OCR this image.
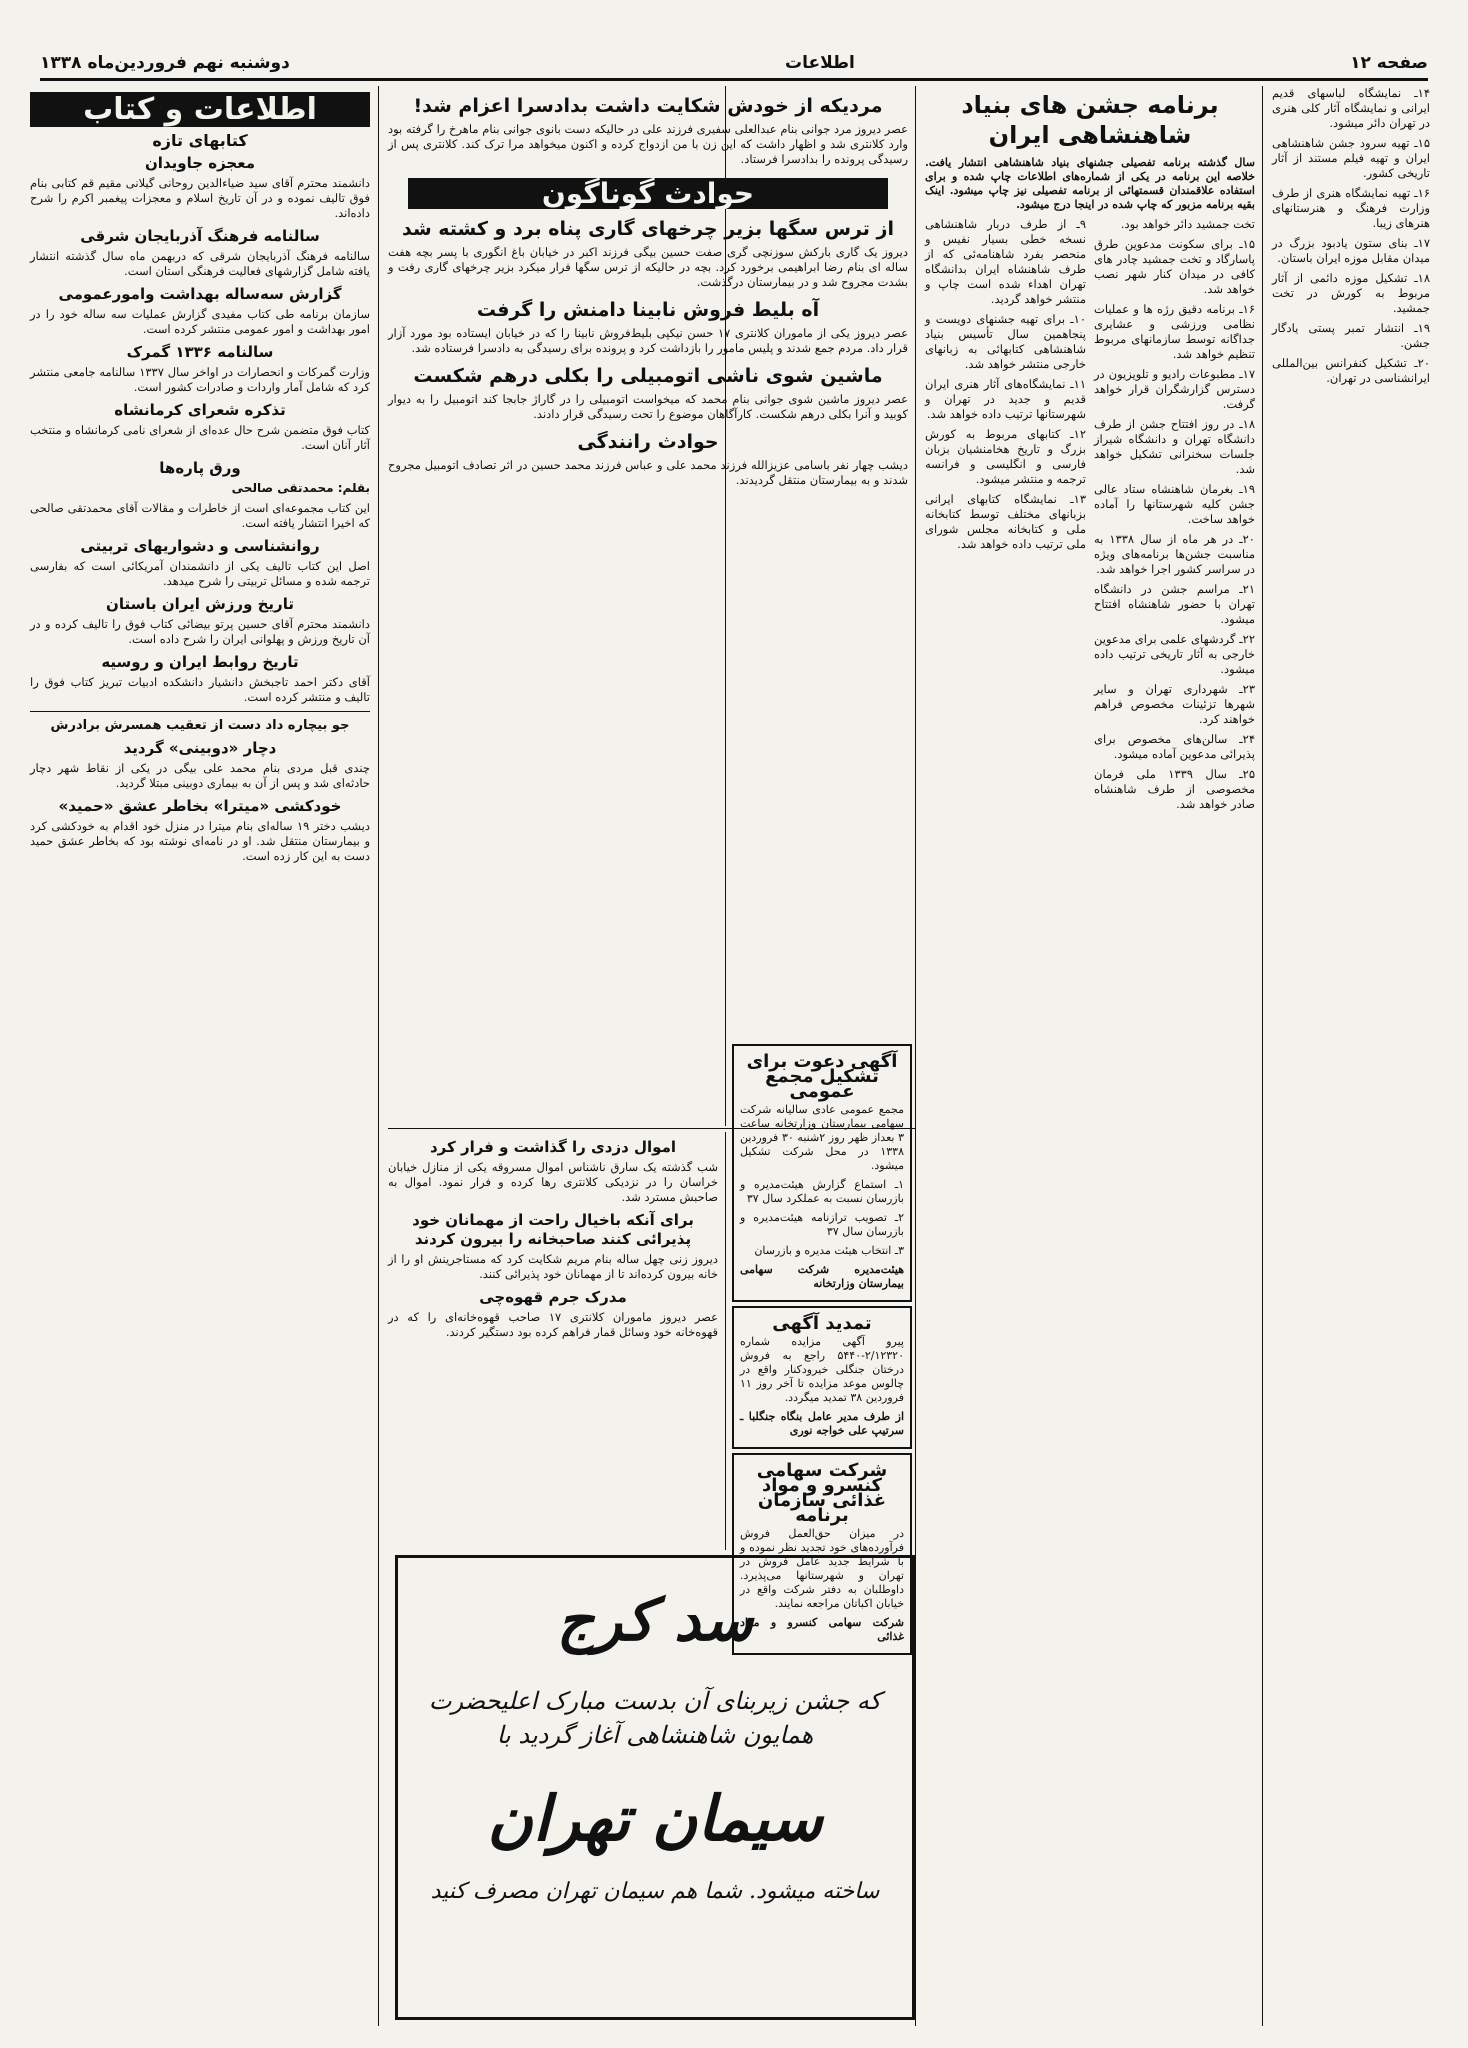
صفحه ۱۲
اطلاعات
دوشنبه نهم فروردین‌ماه ۱۳۳۸

۱۴ـ نمایشگاه لباسهای قدیم ایرانی و نمایشگاه آثار کلی هنری در تهران دائر میشود.

۱۵ـ تهیه سرود جشن شاهنشاهی ایران و تهیه فیلم مستند از آثار تاریخی کشور.

۱۶ـ تهیه نمایشگاه هنری از طرف وزارت فرهنگ و هنرستانهای هنرهای زیبا.

۱۷ـ بنای ستون یادبود بزرگ در میدان مقابل موزه ایران باستان.

۱۸ـ تشکیل موزه دائمی از آثار مربوط به کورش در تخت جمشید.

۱۹ـ انتشار تمبر پستی یادگار جشن.

۲۰ـ تشکیل کنفرانس بین‌المللی ایرانشناسی در تهران.

برنامه جشن های بنیاد شاهنشاهی ایران

سال گذشته برنامه تفصیلی جشنهای بنیاد شاهنشاهی انتشار یافت. خلاصه این برنامه در یکی از شماره‌های اطلاعات چاپ شده و برای استفاده علاقمندان قسمتهائی از برنامه تفصیلی نیز چاپ میشود. اینک بقیه برنامه مزبور که چاپ شده در اینجا درج میشود.

تخت جمشید دائر خواهد بود.

۱۵ـ برای سکونت مدعوین طرق پاسارگاد و تخت جمشید چادر های کافی در میدان کنار شهر نصب خواهد شد.

۱۶ـ برنامه دقیق رژه ها و عملیات نظامی ورزشی و عشایری جداگانه توسط سازمانهای مربوط تنظیم خواهد شد.

۱۷ـ مطبوعات رادیو و تلویزیون در دسترس گزارشگران قرار خواهد گرفت.

۱۸ـ در روز افتتاح جشن از طرف دانشگاه تهران و دانشگاه شیراز جلسات سخنرانی تشکیل خواهد شد.

۱۹ـ بغرمان شاهنشاه ستاد عالی جشن کلیه شهرستانها را آماده خواهد ساخت.

۲۰ـ در هر ماه از سال ۱۳۳۸ به مناسبت جشن‌ها برنامه‌های ویژه در سراسر کشور اجرا خواهد شد.

۲۱ـ مراسم جشن در دانشگاه تهران با حضور شاهنشاه افتتاح میشود.

۲۲ـ گردشهای علمی برای مدعوین خارجی به آثار تاریخی ترتیب داده میشود.

۲۳ـ شهرداری تهران و سایر شهرها تزئینات مخصوص فراهم خواهند کرد.

۲۴ـ سالن‌های مخصوص برای پذیرائی مدعوین آماده میشود.

۲۵ـ سال ۱۳۳۹ ملی فرمان مخصوصی از طرف شاهنشاه صادر خواهد شد.

۹ـ از طرف دربار شاهنشاهی نسخه خطی بسیار نفیس و منحصر بفرد شاهنامه‌ئی که از طرف شاهنشاه ایران بدانشگاه تهران اهداء شده است چاپ و منتشر خواهد گردید.

۱۰ـ برای تهیه جشنهای دویست و پنجاهمین سال تأسیس بنیاد شاهنشاهی کتابهائی به زبانهای خارجی منتشر خواهد شد.

۱۱ـ نمایشگاه‌های آثار هنری ایران قدیم و جدید در تهران و شهرستانها ترتیب داده خواهد شد.

۱۲ـ کتابهای مربوط به کورش بزرگ و تاریخ هخامنشیان بزبان فارسی و انگلیسی و فرانسه ترجمه و منتشر میشود.

۱۳ـ نمایشگاه کتابهای ایرانی بزبانهای مختلف توسط کتابخانه ملی و کتابخانه مجلس شورای ملی ترتیب داده خواهد شد.

مردیکه از خودش شکایت داشت بدادسرا اعزام شد!

عصر دیروز مرد جوانی بنام عبدالعلی سفیری فرزند علی در حالیکه دست بانوی جوانی بنام ماهرخ را گرفته بود وارد کلانتری شد و اظهار داشت که این زن با من ازدواج کرده و اکنون میخواهد مرا ترک کند. کلانتری پس از رسیدگی پرونده را بدادسرا فرستاد.

حوادث گوناگون
از ترس سگها بزیر چرخهای گاری پناه برد و کشته شد

دیروز یک گاری بارکش سوزنچی گری صفت حسین بیگی فرزند اکبر در خیابان باغ انگوری با پسر بچه هفت ساله ای بنام رضا ابراهیمی برخورد کرد. بچه در حالیکه از ترس سگها فرار میکرد بزیر چرخهای گاری رفت و بشدت مجروح شد و در بیمارستان درگذشت.

آه بلیط فروش نابینا دامنش را گرفت

عصر دیروز یکی از ماموران کلانتری ۱۷ حسن نیکپی بلیط‌فروش نابینا را که در خیابان ایستاده بود مورد آزار قرار داد. مردم جمع شدند و پلیس مامور را بازداشت کرد و پرونده برای رسیدگی به دادسرا فرستاده شد.

ماشین شوی ناشی اتومبیلی را بکلی درهم شکست

عصر دیروز ماشین شوی جوانی بنام محمد که میخواست اتومبیلی را در گاراژ جابجا کند اتومبیل را به دیوار کوبید و آنرا بکلی درهم شکست. کارآگاهان موضوع را تحت رسیدگی قرار دادند.

حوادث رانندگی

دیشب چهار نفر باسامی عزیزالله فرزند محمد علی و عباس فرزند محمد حسین در اثر تصادف اتومبیل مجروح شدند و به بیمارستان منتقل گردیدند.

اموال دزدی را گذاشت و فرار کرد

شب گذشته یک سارق ناشناس اموال مسروقه یکی از منازل خیابان خراسان را در نزدیکی کلانتری رها کرده و فرار نمود. اموال به صاحبش مسترد شد.

برای آنکه باخیال راحت از مهمانان خود پذیرائی کنند صاحبخانه را بیرون کردند

دیروز زنی چهل ساله بنام مریم شکایت کرد که مستاجرینش او را از خانه بیرون کرده‌اند تا از مهمانان خود پذیرائی کنند.

مدرک جرم قهوه‌چی

عصر دیروز ماموران کلانتری ۱۷ صاحب قهوه‌خانه‌ای را که در قهوه‌خانه خود وسائل قمار فراهم کرده بود دستگیر کردند.

آگهی دعوت برای تشکیل مجمع عمومی

مجمع عمومی عادی سالیانه شرکت سهامی بیمارستان وزارتخانه ساعت ۳ بعداز ظهر روز ۲شنبه ۳۰ فروردین ۱۳۳۸ در محل شرکت تشکیل میشود.

۱ـ استماع گزارش هیئت‌مدیره و بازرسان نسبت به عملکرد سال ۳۷

۲ـ تصویب ترازنامه هیئت‌مدیره و بازرسان سال ۳۷

۳ـ انتخاب هیئت مدیره و بازرسان

هیئت‌مدیره شرکت سهامی بیمارستان وزارتخانه

تمدید آگهی

پیرو آگهی مزایده شماره ۲/۱۲۳۲۰-۵۴۴۰ راجع به فروش درختان جنگلی خیرودکنار واقع در چالوس موعد مزایده تا آخر روز ۱۱ فروردین ۳۸ تمدید میگردد.

از طرف مدیر عامل بنگاه جنگلبا ـ سرتیپ علی خواجه نوری

شرکت سهامی کنسرو و مواد غذائی سازمان برنامه

در میزان حق‌العمل فروش فرآورده‌های خود تجدید نظر نموده و با شرایط جدید عامل فروش در تهران و شهرستانها می‌پذیرد. داوطلبان به دفتر شرکت واقع در خیابان اکباتان مراجعه نمایند.

شرکت سهامی کنسرو و مواد غذائی

اطلاعات و کتاب
کتابهای تازه
معجزه جاویدان

دانشمند محترم آقای سید ضیاءالدین روحانی گیلانی مقیم قم کتابی بنام فوق تالیف نموده و در آن تاریخ اسلام و معجزات پیغمبر اکرم را شرح داده‌اند.

سالنامه فرهنگ آذربایجان شرقی

سالنامه فرهنگ آذربایجان شرقی که دربهمن ماه سال گذشته انتشار یافته شامل گزارشهای فعالیت فرهنگی استان است.

گزارش سه‌ساله بهداشت وامورعمومی

سازمان برنامه طی کتاب مفیدی گزارش عملیات سه ساله خود را در امور بهداشت و امور عمومی منتشر کرده است.

سالنامه ۱۳۳۶ گمرک

وزارت گمرکات و انحصارات در اواخر سال ۱۳۳۷ سالنامه جامعی منتشر کرد که شامل آمار واردات و صادرات کشور است.

تذکره شعرای کرمانشاه

کتاب فوق متضمن شرح حال عده‌ای از شعرای نامی کرمانشاه و منتخب آثار آنان است.

ورق پاره‌ها

بقلم: محمدتقی صالحی

این کتاب مجموعه‌ای است از خاطرات و مقالات آقای محمدتقی صالحی که اخیرا انتشار یافته است.

روانشناسی و دشواریهای تربیتی

اصل این کتاب تالیف یکی از دانشمندان آمریکائی است که بفارسی ترجمه شده و مسائل تربیتی را شرح میدهد.

تاریخ ورزش ایران باستان

دانشمند محترم آقای حسین پرتو بیضائی کتاب فوق را تالیف کرده و در آن تاریخ ورزش و پهلوانی ایران را شرح داده است.

تاریخ روابط ایران و روسیه

آقای دکتر احمد تاجبخش دانشیار دانشکده ادبیات تبریز کتاب فوق را تالیف و منتشر کرده است.

جو بیچاره داد دست از تعقیب همسرش برادرش
دچار «دوبینی» گردید

چندی قبل مردی بنام محمد علی بیگی در یکی از نقاط شهر دچار حادثه‌ای شد و پس از آن به بیماری دوبینی مبتلا گردید.

خودکشی «میترا» بخاطر عشق «حمید»

دیشب دختر ۱۹ ساله‌ای بنام میترا در منزل خود اقدام به خودکشی کرد و بیمارستان منتقل شد. او در نامه‌ای نوشته بود که بخاطر عشق حمید دست به این کار زده است.

سد کرج
که جشن زیربنای آن بدست مبارک اعلیحضرت همایون شاهنشاهی آغاز گردید با
سیمان تهران
ساخته میشود. شما هم سیمان تهران مصرف کنید
